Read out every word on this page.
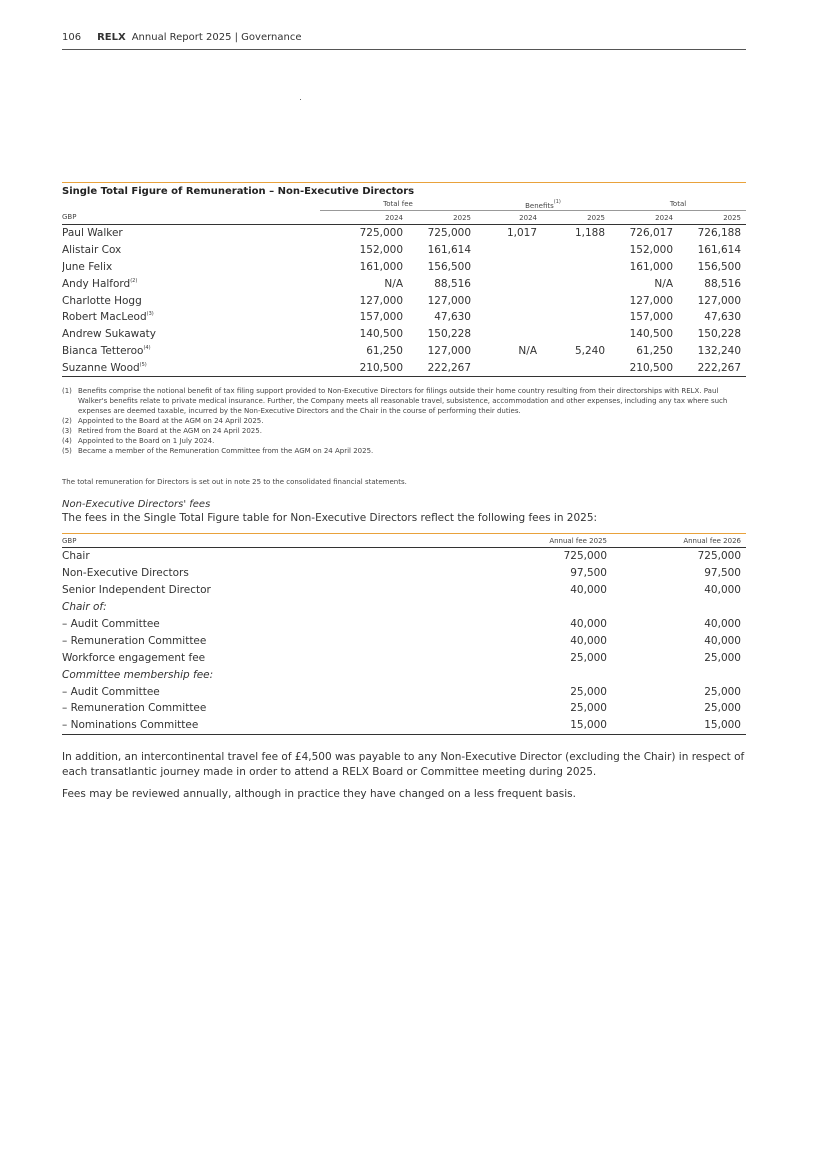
106 RELX Annual Report 2025 | Governance
Single Total Figure of Remuneration – Non-Executive Directors
	Total fee		Benefits$^{(1)}$		Total	
GBP	2024	2025	2024	2025	2024	2025
Paul Walker	725,000	725,000	1,017	1,188	726,017	726,188
Alistair Cox	152,000	161,614			152,000	161,614
June Felix	161,000	156,500			161,000	156,500
Andy Halford$^{(2)}$	N/A	88,516			N/A	88,516
Charlotte Hogg	127,000	127,000			127,000	127,000
Robert MacLeod$^{(3)}$	157,000	47,630			157,000	47,630
Andrew Sukawaty	140,500	150,228			140,500	150,228
Bianca Tetteroo$^{(4)}$	61,250	127,000	N/A	5,240	61,250	132,240
Suzanne Wood$^{(5)}$	210,500	222,267			210,500	222,267
(1) Benefits comprise the notional benefit of tax filing support provided to Non-Executive Directors for filings outside their home country resulting from their directorships with RELX. Paul Walker's benefits relate to private medical insurance. Further, the Company meets all reasonable travel, subsistence, accommodation and other expenses, including any tax where such expenses are deemed taxable, incurred by the Non-Executive Directors and the Chair in the course of performing their duties.
(2) Appointed to the Board at the AGM on 24 April 2025.
(3) Retired from the Board at the AGM on 24 April 2025.
(4) Appointed to the Board on 1 July 2024.
(5) Became a member of the Remuneration Committee from the AGM on 24 April 2025.
The total remuneration for Directors is set out in note 25 to the consolidated financial statements.
Non-Executive Directors' fees
The fees in the Single Total Figure table for Non-Executive Directors reflect the following fees in 2025:
GBP	Annual fee 2025	Annual fee 2026
Chair	725,000	725,000
Non-Executive Directors	97,500	97,500
Senior Independent Director	40,000	40,000
Chair of:		
– Audit Committee	40,000	40,000
– Remuneration Committee	40,000	40,000
Workforce engagement fee	25,000	25,000
Committee membership fee:		
– Audit Committee	25,000	25,000
– Remuneration Committee	25,000	25,000
– Nominations Committee	15,000	15,000
In addition, an intercontinental travel fee of £4,500 was payable to any Non-Executive Director (excluding the Chair) in respect of each transatlantic journey made in order to attend a RELX Board or Committee meeting during 2025.
Fees may be reviewed annually, although in practice they have changed on a less frequent basis.
